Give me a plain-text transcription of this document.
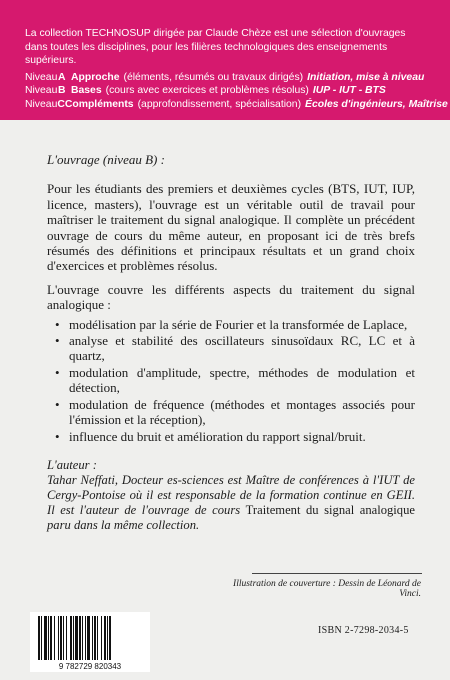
La collection TECHNOSUP dirigée par Claude Chèze est une sélection d'ouvrages dans toutes les disciplines, pour les filières technologiques des enseignements supérieurs.

Niveau A Approche (éléments, résumés ou travaux dirigés) Initiation, mise à niveau
Niveau B Bases (cours avec exercices et problèmes résolus) IUP - IUT - BTS
Niveau C Compléments (approfondissement, spécialisation) Écoles d'ingénieurs, Maîtrise

L'ouvrage (niveau B) :

Pour les étudiants des premiers et deuxièmes cycles (BTS, IUT, IUP, licence, masters), l'ouvrage est un véritable outil de travail pour maîtriser le traitement du signal analogique. Il complète un précédent ouvrage de cours du même auteur, en proposant ici de très brefs résumés des définitions et principaux résultats et un grand choix d'exercices et problèmes résolus.

L'ouvrage couvre les différents aspects du traitement du signal analogique :

• modélisation par la série de Fourier et la transformée de Laplace,
• analyse et stabilité des oscillateurs sinusoïdaux RC, LC et à quartz,
• modulation d'amplitude, spectre, méthodes de modulation et détection,
• modulation de fréquence (méthodes et montages associés pour l'émission et la réception),
• influence du bruit et amélioration du rapport signal/bruit.
L'auteur :
Tahar Neffati, Docteur es-sciences est Maître de conférences à l'IUT de Cergy-Pontoise où il est responsable de la formation continue en GEII. Il est l'auteur de l'ouvrage de cours Traitement du signal analogique paru dans la même collection.
Illustration de couverture : Dessin de Léonard de Vinci.
9 782729 820343
ISBN 2-7298-2034-5
